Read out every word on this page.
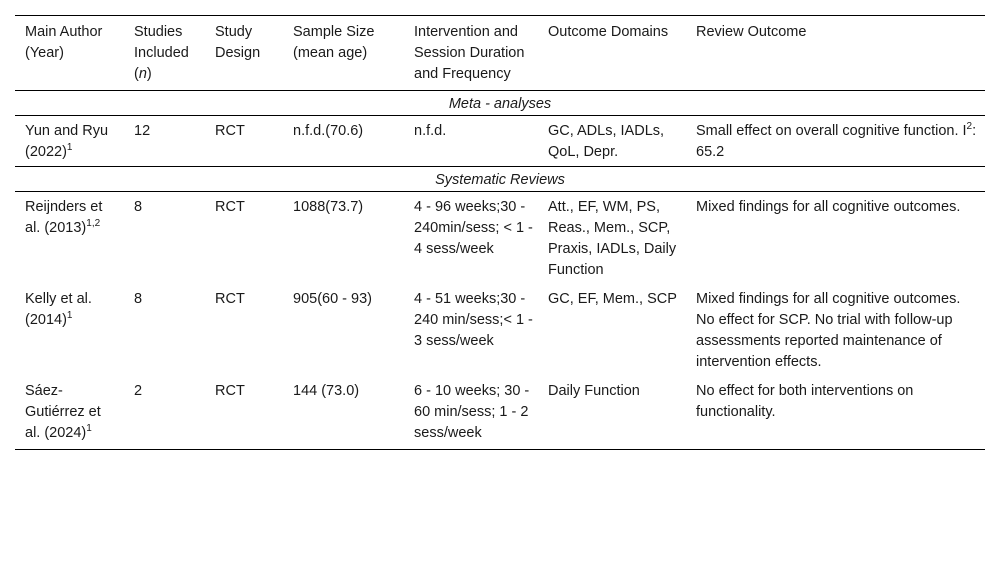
Main Author (Year)	Studies Included (n)	Study Design	Sample Size (mean age)	Intervention and Session Duration and Frequency	Outcome Domains	Review Outcome
Meta - analyses						
Yun and Ryu $(2022)^1$	12	RCT	n.f.d.(70.6)	n.f.d.	GC, ADLs, IADLs, QoL, Depr.	Small effect on overall cognitive function. $I^2$: 65.2
Systematic Reviews						
Reijnders et al. $(2013)^{1,2}$	8	RCT	1088(73.7)	4 - 96 weeks;30 - 240min/sess; < 1 - 4 sess/week	Att., EF, WM, PS, Reas., Mem., SCP, Praxis, IADLs, Daily Function	Mixed findings for all cognitive outcomes.
Kelly et al. $(2014)^1$	8	RCT	905(60 - 93)	4 - 51 weeks;30 - 240 min/sess;< 1 - 3 sess/week	GC, EF, Mem., SCP	Mixed findings for all cognitive outcomes. No effect for SCP. No trial with follow-up assessments reported maintenance of intervention effects.
Sáez-Gutiérrez et al. $(2024)^1$	2	RCT	144 (73.0)	6 - 10 weeks; 30 - 60 min/sess; 1 - 2 sess/week	Daily Function	No effect for both interventions on functionality.
